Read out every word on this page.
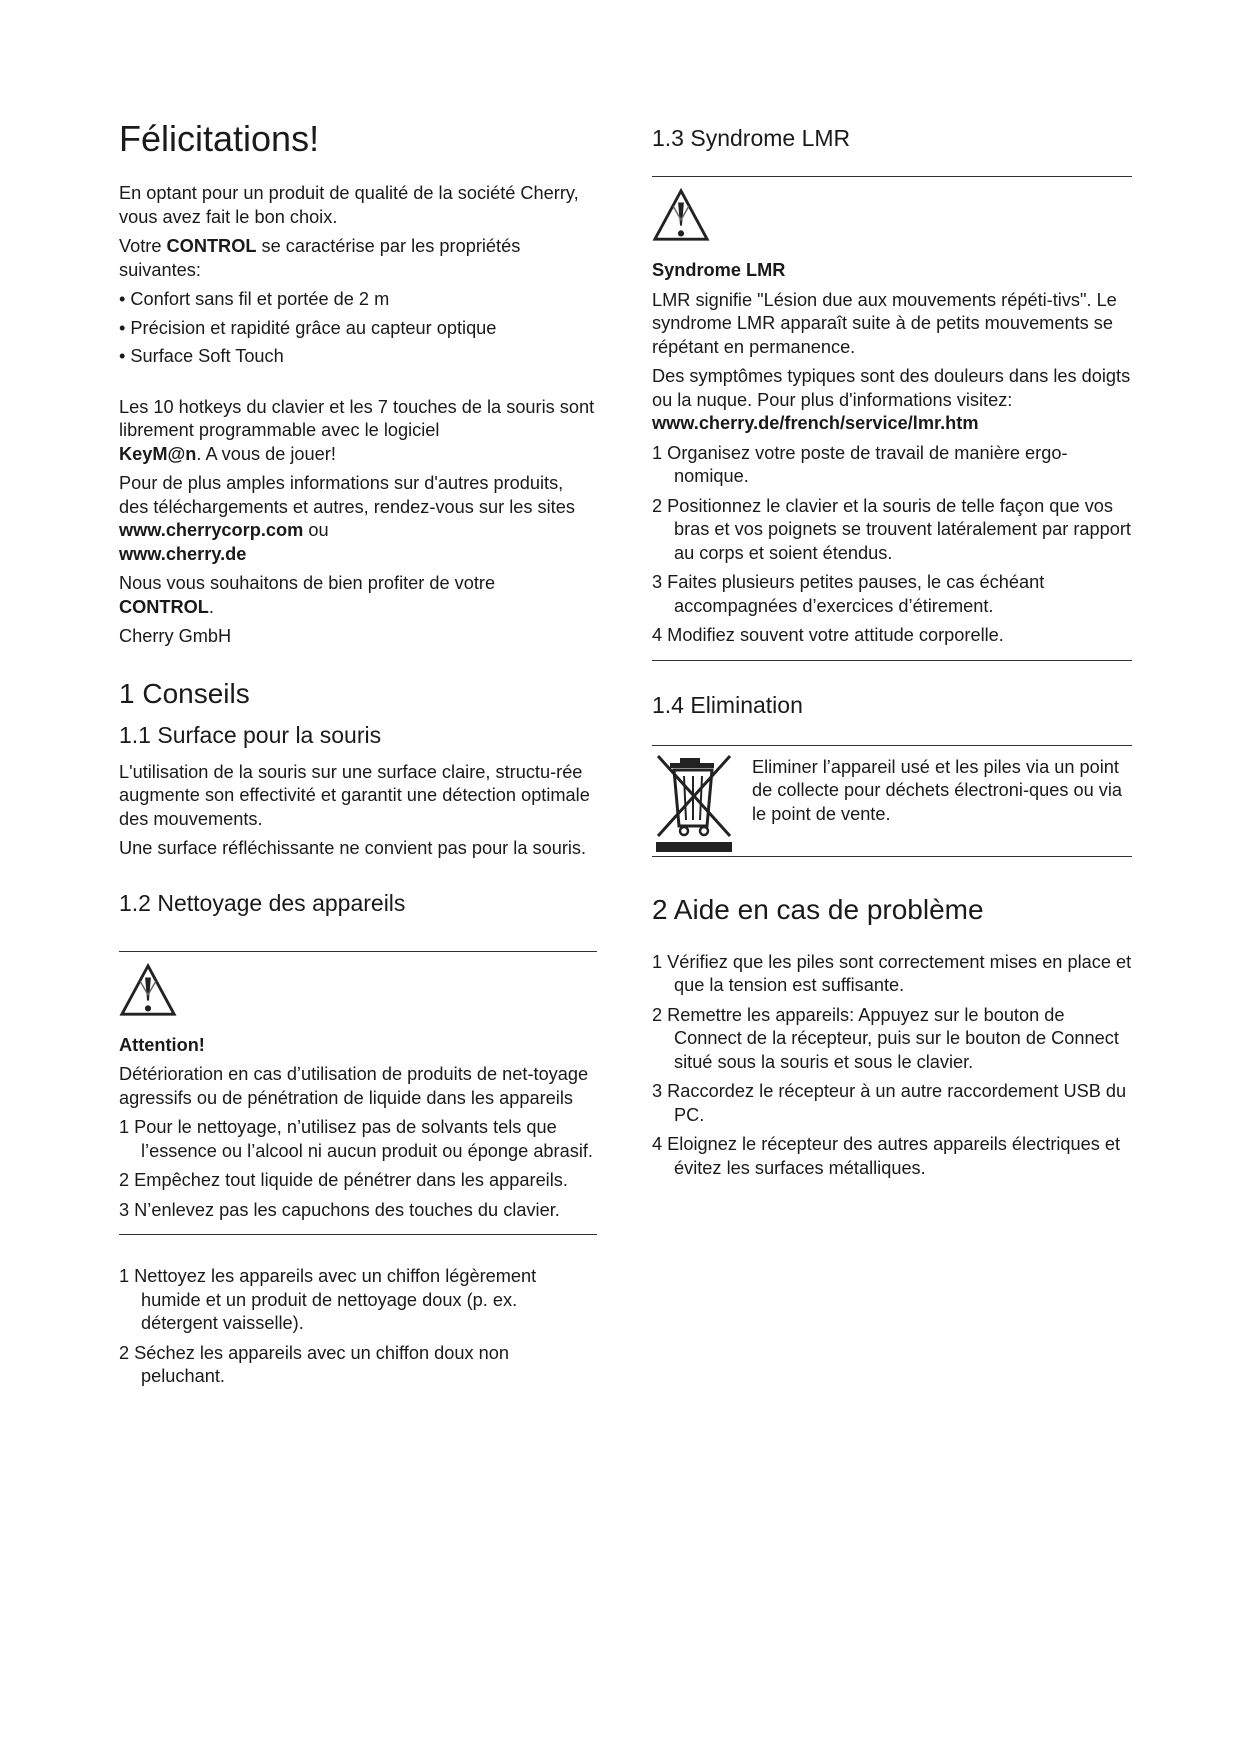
Félicitations!

En optant pour un produit de qualité de la société Cherry, vous avez fait le bon choix.

Votre CONTROL se caractérise par les propriétés suivantes:

• Confort sans fil et portée de 2 m

• Précision et rapidité grâce au capteur optique

• Surface Soft Touch

Les 10 hotkeys du clavier et les 7 touches de la souris sont librement programmable avec le logiciel
KeyM@n. A vous de jouer!

Pour de plus amples informations sur d'autres produits, des téléchargements et autres, rendez-vous sur les sites www.cherrycorp.com ou
www.cherry.de

Nous vous souhaitons de bien profiter de votre
CONTROL.

Cherry GmbH

1 Conseils
1.1 Surface pour la souris

L'utilisation de la souris sur une surface claire, structu-rée augmente son effectivité et garantit une détection optimale des mouvements.

Une surface réfléchissante ne convient pas pour la souris.

1.2 Nettoyage des appareils

Attention!

Détérioration en cas d’utilisation de produits de net-toyage agressifs ou de pénétration de liquide dans les appareils

1 Pour le nettoyage, n’utilisez pas de solvants tels que l’essence ou l’alcool ni aucun produit ou éponge abrasif.

2 Empêchez tout liquide de pénétrer dans les appareils.

3 N’enlevez pas les capuchons des touches du clavier.

1 Nettoyez les appareils avec un chiffon légèrement humide et un produit de nettoyage doux (p. ex. détergent vaisselle).

2 Séchez les appareils avec un chiffon doux non peluchant.

1.3 Syndrome LMR

Syndrome LMR

LMR signifie "Lésion due aux mouvements répéti-tivs". Le syndrome LMR apparaît suite à de petits mouvements se répétant en permanence.

Des symptômes typiques sont des douleurs dans les doigts ou la nuque. Pour plus d'informations visitez:
www.cherry.de/french/service/lmr.htm

1 Organisez votre poste de travail de manière ergo-nomique.

2 Positionnez le clavier et la souris de telle façon que vos bras et vos poignets se trouvent latéralement par rapport au corps et soient étendus.

3 Faites plusieurs petites pauses, le cas échéant accompagnées d’exercices d’étirement.

4 Modifiez souvent votre attitude corporelle.

1.4 Elimination

Eliminer l’appareil usé et les piles via un point de collecte pour déchets électroni-ques ou via le point de vente.

2 Aide en cas de problème

1 Vérifiez que les piles sont correctement mises en place et que la tension est suffisante.

2 Remettre les appareils: Appuyez sur le bouton de Connect de la récepteur, puis sur le bouton de Connect situé sous la souris et sous le clavier.

3 Raccordez le récepteur à un autre raccordement USB du PC.

4 Eloignez le récepteur des autres appareils électriques et évitez les surfaces métalliques.
